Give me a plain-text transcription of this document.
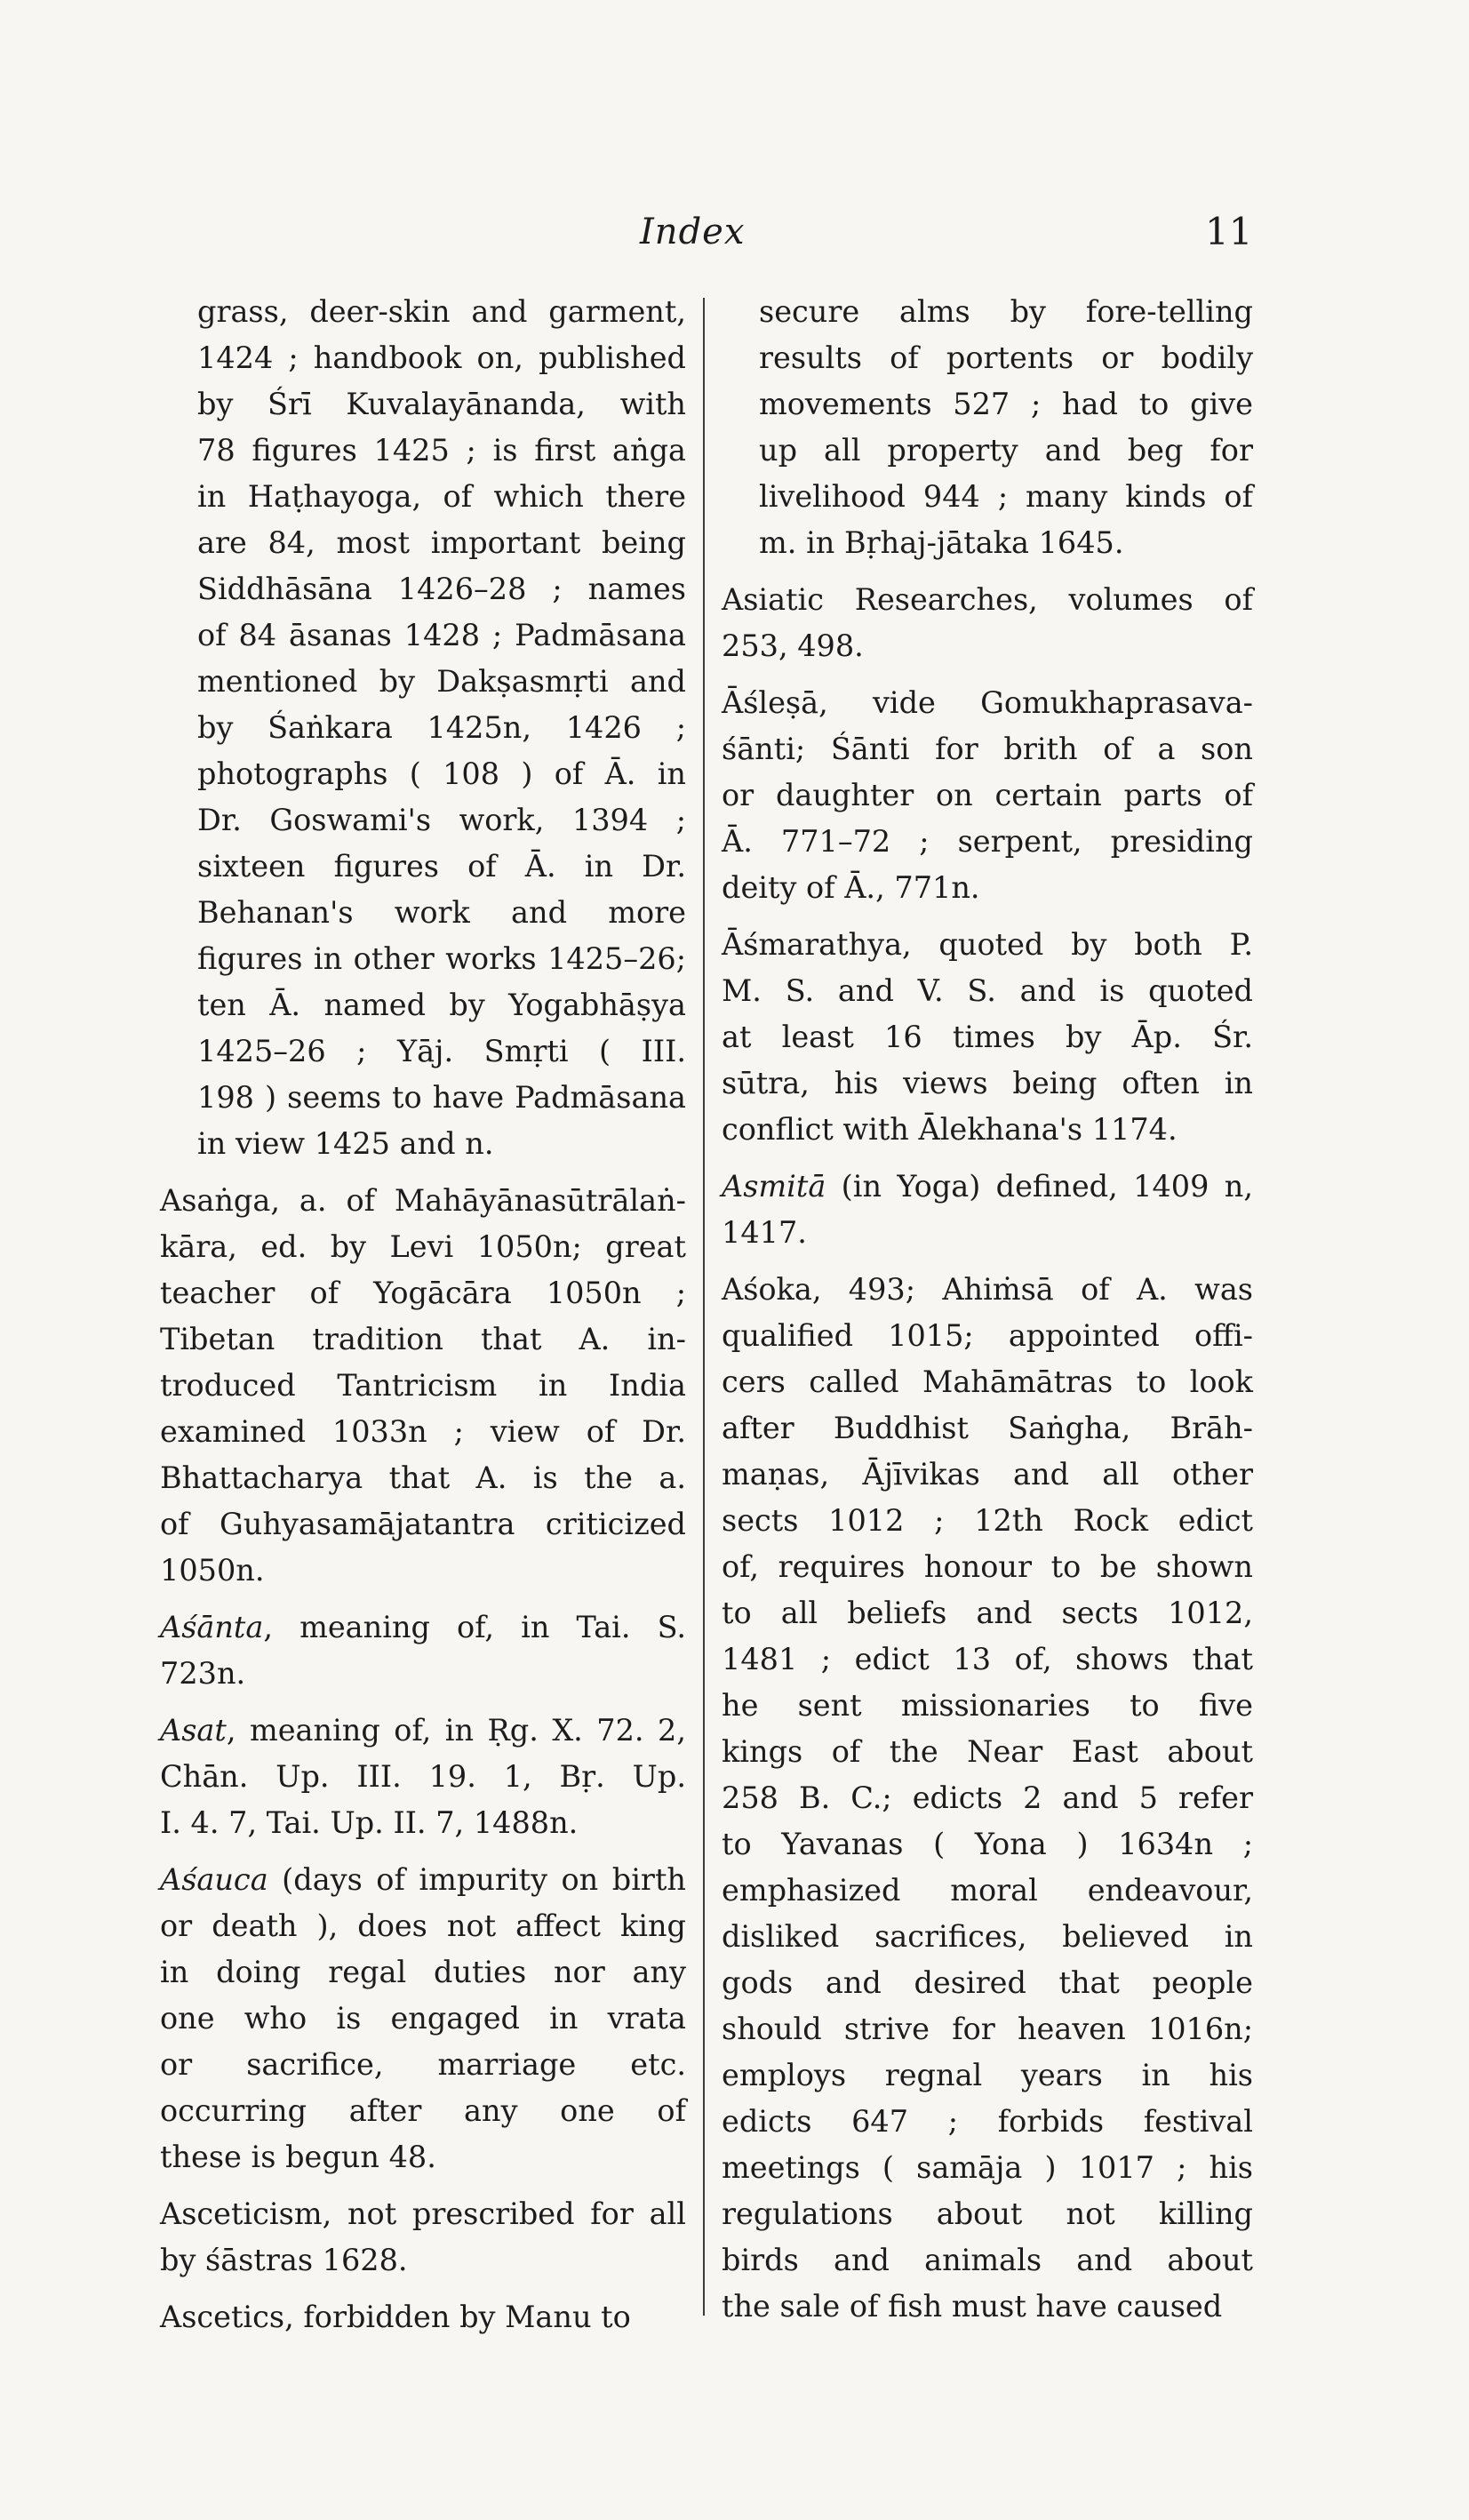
Index	11
grass, deer-skin and garment,
1424 ; handbook on, published
by Śrī Kuvalayānanda, with
78 figures 1425 ; is first aṅga
in Haṭhayoga, of which there
are 84, most important being
Siddhāsāna 1426–28 ; names
of 84 āsanas 1428 ; Padmāsana
mentioned by Dakṣasmṛti and
by Śaṅkara 1425n, 1426 ;
photographs ( 108 ) of Ā. in
Dr. Goswami's work, 1394 ;
sixteen figures of Ā. in Dr.
Behanan's work and more
figures in other works 1425–26;
ten Ā. named by Yogabhāṣya
1425–26 ; Yāj. Smṛti ( III.
198 ) seems to have Padmāsana
in view 1425 and n.
Asaṅga, a. of Mahāyānasūtrālaṅ-
kāra, ed. by Levi 1050n; great
teacher of Yogācāra 1050n ;
Tibetan tradition that A. in-
troduced Tantricism in India
examined 1033n ; view of Dr.
Bhattacharya that A. is the a.
of Guhyasamājatantra criticized
1050n.
Aśānta, meaning of, in Tai. S.
723n.
Asat, meaning of, in Ṛg. X. 72. 2,
Chān. Up. III. 19. 1, Bṛ. Up.
I. 4. 7, Tai. Up. II. 7, 1488n.
Aśauca (days of impurity on birth
or death ), does not affect king
in doing regal duties nor any
one who is engaged in vrata
or sacrifice, marriage etc.
occurring after any one of
these is begun 48.
Asceticism, not prescribed for all
by śāstras 1628.
Ascetics, forbidden by Manu to
secure alms by fore-telling
results of portents or bodily
movements 527 ; had to give
up all property and beg for
livelihood 944 ; many kinds of
m. in Bṛhaj-jātaka 1645.
Asiatic Researches, volumes of
253, 498.
Āśleṣā, vide Gomukhaprasava-
śānti; Śānti for brith of a son
or daughter on certain parts of
Ā. 771–72 ; serpent, presiding
deity of Ā., 771n.
Āśmarathya, quoted by both P.
M. S. and V. S. and is quoted
at least 16 times by Āp. Śr.
sūtra, his views being often in
conflict with Ālekhana's 1174.
Asmitā (in Yoga) defined, 1409 n,
1417.
Aśoka, 493; Ahiṁsā of A. was
qualified 1015; appointed offi-
cers called Mahāmātras to look
after Buddhist Saṅgha, Brāh-
maṇas, Ājīvikas and all other
sects 1012 ; 12th Rock edict
of, requires honour to be shown
to all beliefs and sects 1012,
1481 ; edict 13 of, shows that
he sent missionaries to five
kings of the Near East about
258 B. C.; edicts 2 and 5 refer
to Yavanas ( Yona ) 1634n ;
emphasized moral endeavour,
disliked sacrifices, believed in
gods and desired that people
should strive for heaven 1016n;
employs regnal years in his
edicts 647 ; forbids festival
meetings ( samāja ) 1017 ; his
regulations about not killing
birds and animals and about
the sale of fish must have caused
